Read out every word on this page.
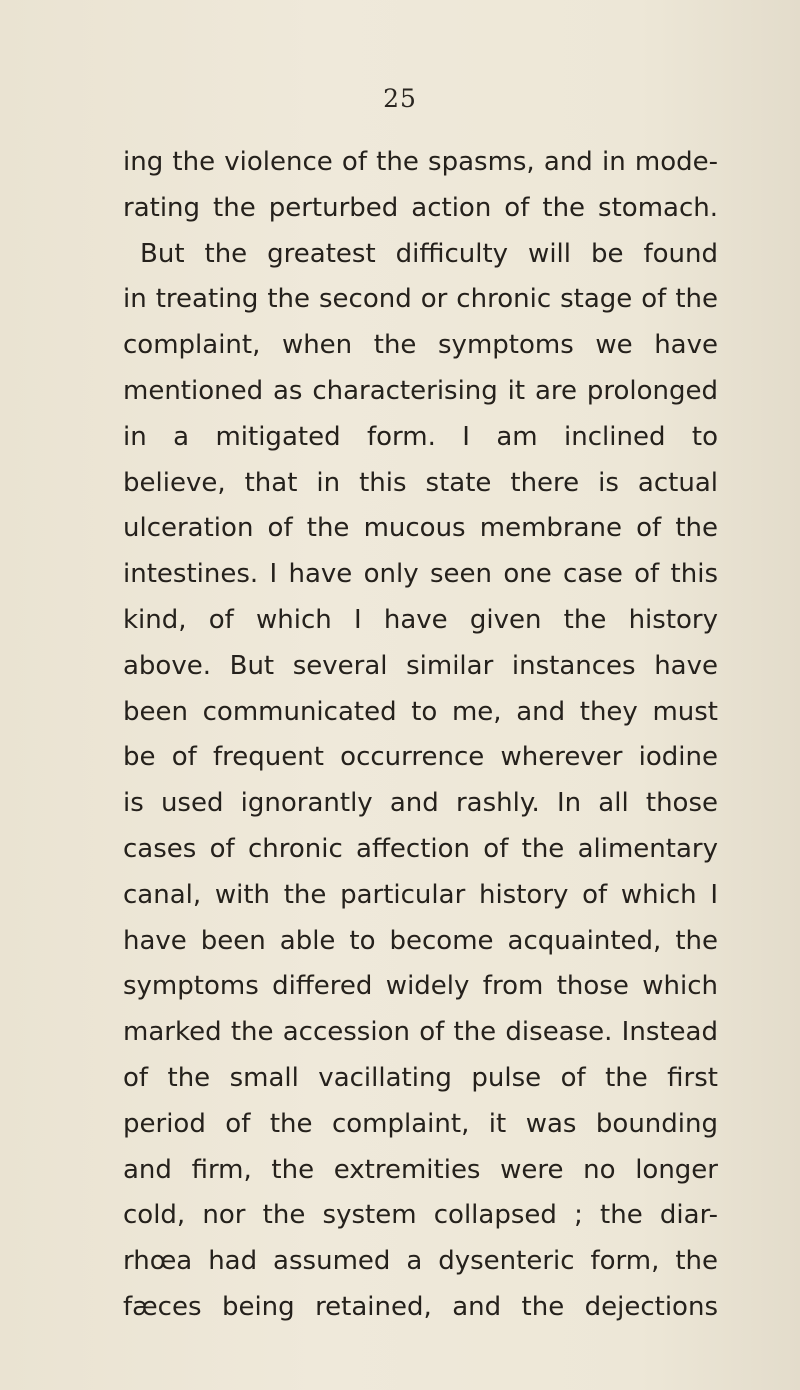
25
ing the violence of the spasms, and in mode-
rating the perturbed action of the stomach.
But the greatest difficulty will be found
in treating the second or chronic stage of the
complaint, when the symptoms we have
mentioned as characterising it are prolonged
in a mitigated form. I am inclined to
believe, that in this state there is actual
ulceration of the mucous membrane of the
intestines. I have only seen one case of this
kind, of which I have given the history
above. But several similar instances have
been communicated to me, and they must
be of frequent occurrence wherever iodine
is used ignorantly and rashly. In all those
cases of chronic affection of the alimentary
canal, with the particular history of which I
have been able to become acquainted, the
symptoms differed widely from those which
marked the accession of the disease. Instead
of the small vacillating pulse of the first
period of the complaint, it was bounding
and firm, the extremities were no longer
cold, nor the system collapsed ; the diar-
rhœa had assumed a dysenteric form, the
fæces being retained, and the dejections
